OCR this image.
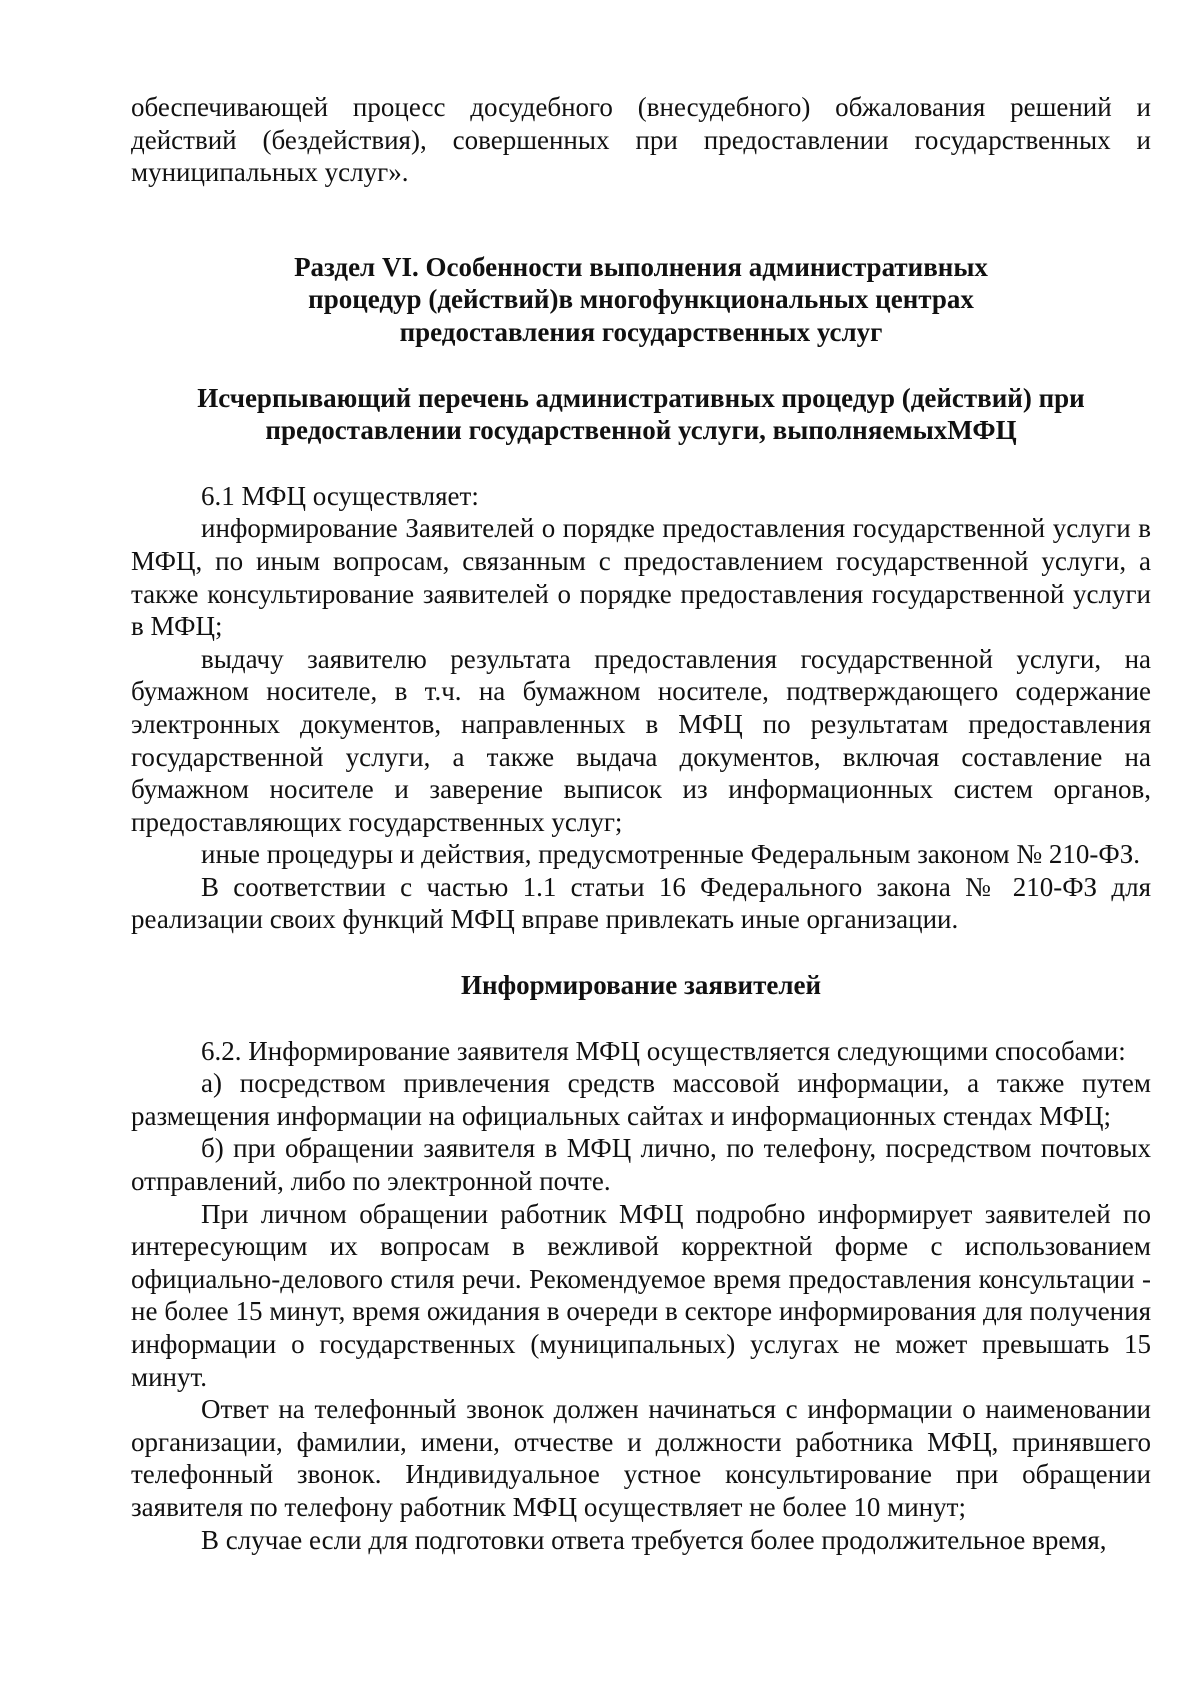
обеспечивающей процесс досудебного (внесудебного) обжалования решений и действий (бездействия), совершенных при предоставлении государственных и муниципальных услуг».

Раздел VI. Особенности выполнения административных процедур (действий)в многофункциональных центрах предоставления государственных услуг
Исчерпывающий перечень административных процедур (действий) при предоставлении государственной услуги, выполняемыхМФЦ

6.1 МФЦ осуществляет:

информирование Заявителей о порядке предоставления государственной услуги в МФЦ, по иным вопросам, связанным с предоставлением государственной услуги, а также консультирование заявителей о порядке предоставления государственной услуги в МФЦ;

выдачу заявителю результата предоставления государственной услуги, на бумажном носителе, в т.ч. на бумажном носителе, подтверждающего содержание электронных документов, направленных в МФЦ по результатам предоставления государственной услуги, а также выдача документов, включая составление на бумажном носителе и заверение выписок из информационных систем органов, предоставляющих государственных услуг;

иные процедуры и действия, предусмотренные Федеральным законом № 210-ФЗ.

В соответствии с частью 1.1 статьи 16 Федерального закона № 210-ФЗ для реализации своих функций МФЦ вправе привлекать иные организации.

Информирование заявителей

6.2. Информирование заявителя МФЦ осуществляется следующими способами:

а) посредством привлечения средств массовой информации, а также путем размещения информации на официальных сайтах и информационных стендах МФЦ;

б) при обращении заявителя в МФЦ лично, по телефону, посредством почтовых отправлений, либо по электронной почте.

При личном обращении работник МФЦ подробно информирует заявителей по интересующим их вопросам в вежливой корректной форме с использованием официально-делового стиля речи. Рекомендуемое время предоставления консультации - не более 15 минут, время ожидания в очереди в секторе информирования для получения информации о государственных (муниципальных) услугах не может превышать 15 минут.

Ответ на телефонный звонок должен начинаться с информации о наименовании организации, фамилии, имени, отчестве и должности работника МФЦ, принявшего телефонный звонок. Индивидуальное устное консультирование при обращении заявителя по телефону работник МФЦ осуществляет не более 10 минут;

В случае если для подготовки ответа требуется более продолжительное время,
